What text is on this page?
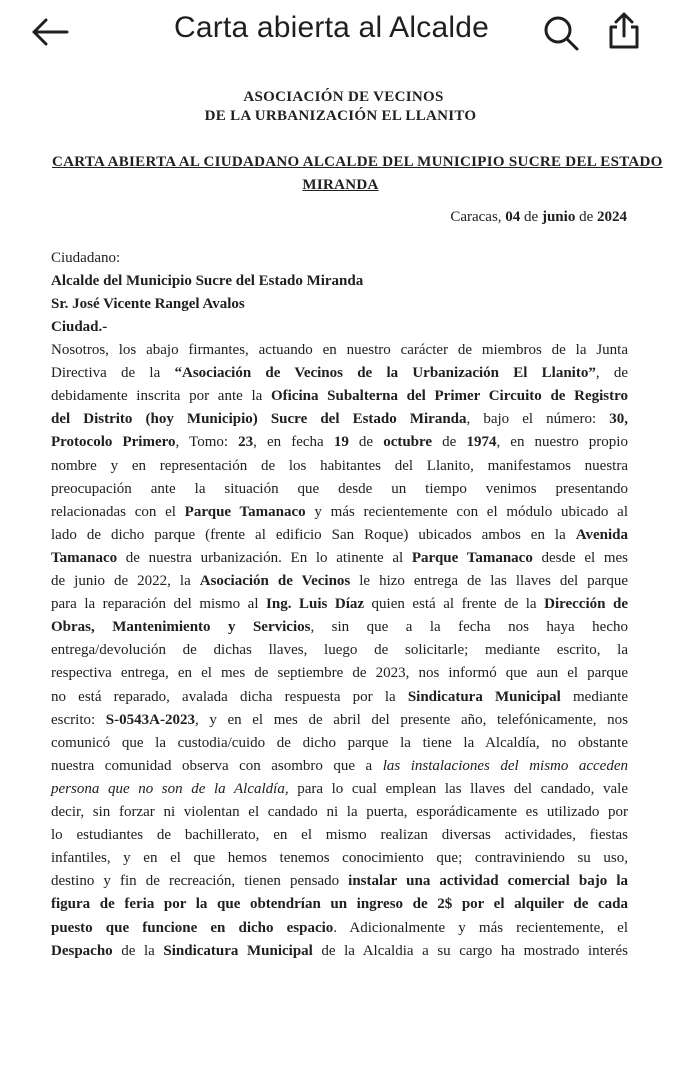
Carta abierta al Alcalde
ASOCIACIÓN DE VECINOS
DE LA URBANIZACIÓN EL LLANITO
CARTA ABIERTA AL CIUDADANO ALCALDE DEL MUNICIPIO SUCRE DEL ESTADO
MIRANDA
Caracas, 04 de junio de 2024
Ciudadano:
Alcalde del Municipio Sucre del Estado Miranda
Sr. José Vicente Rangel Avalos
Ciudad.-
Nosotros, los abajo firmantes, actuando en nuestro carácter de miembros de la Junta
Directiva de la “Asociación de Vecinos de la Urbanización El Llanito”, de
debidamente inscrita por ante la Oficina Subalterna del Primer Circuito de Registro
del Distrito (hoy Municipio) Sucre del Estado Miranda, bajo el número: 30,
Protocolo Primero, Tomo: 23, en fecha 19 de octubre de 1974, en nuestro propio
nombre y en representación de los habitantes del Llanito, manifestamos nuestra
preocupación ante la situación que desde un tiempo venimos presentando
relacionadas con el Parque Tamanaco y más recientemente con el módulo ubicado al
lado de dicho parque (frente al edificio San Roque) ubicados ambos en la Avenida
Tamanaco de nuestra urbanización. En lo atinente al Parque Tamanaco desde el mes
de junio de 2022, la Asociación de Vecinos le hizo entrega de las llaves del parque
para la reparación del mismo al Ing. Luis Díaz quien está al frente de la Dirección de
Obras, Mantenimiento y Servicios, sin que a la fecha nos haya hecho
entrega/devolución de dichas llaves, luego de solicitarle; mediante escrito, la
respectiva entrega, en el mes de septiembre de 2023, nos informó que aun el parque
no está reparado, avalada dicha respuesta por la Sindicatura Municipal mediante
escrito: S-0543A-2023, y en el mes de abril del presente año, telefónicamente, nos
comunicó que la custodia/cuido de dicho parque la tiene la Alcaldía, no obstante
nuestra comunidad observa con asombro que a las instalaciones del mismo acceden
persona que no son de la Alcaldía, para lo cual emplean las llaves del candado, vale
decir, sin forzar ni violentan el candado ni la puerta, esporádicamente es utilizado por
lo estudiantes de bachillerato, en el mismo realizan diversas actividades, fiestas
infantiles, y en el que hemos tenemos conocimiento que; contraviniendo su uso,
destino y fin de recreación, tienen pensado instalar una actividad comercial bajo la
figura de feria por la que obtendrían un ingreso de 2$ por el alquiler de cada
puesto que funcione en dicho espacio. Adicionalmente y más recientemente, el
Despacho de la Sindicatura Municipal de la Alcaldia a su cargo ha mostrado interés
